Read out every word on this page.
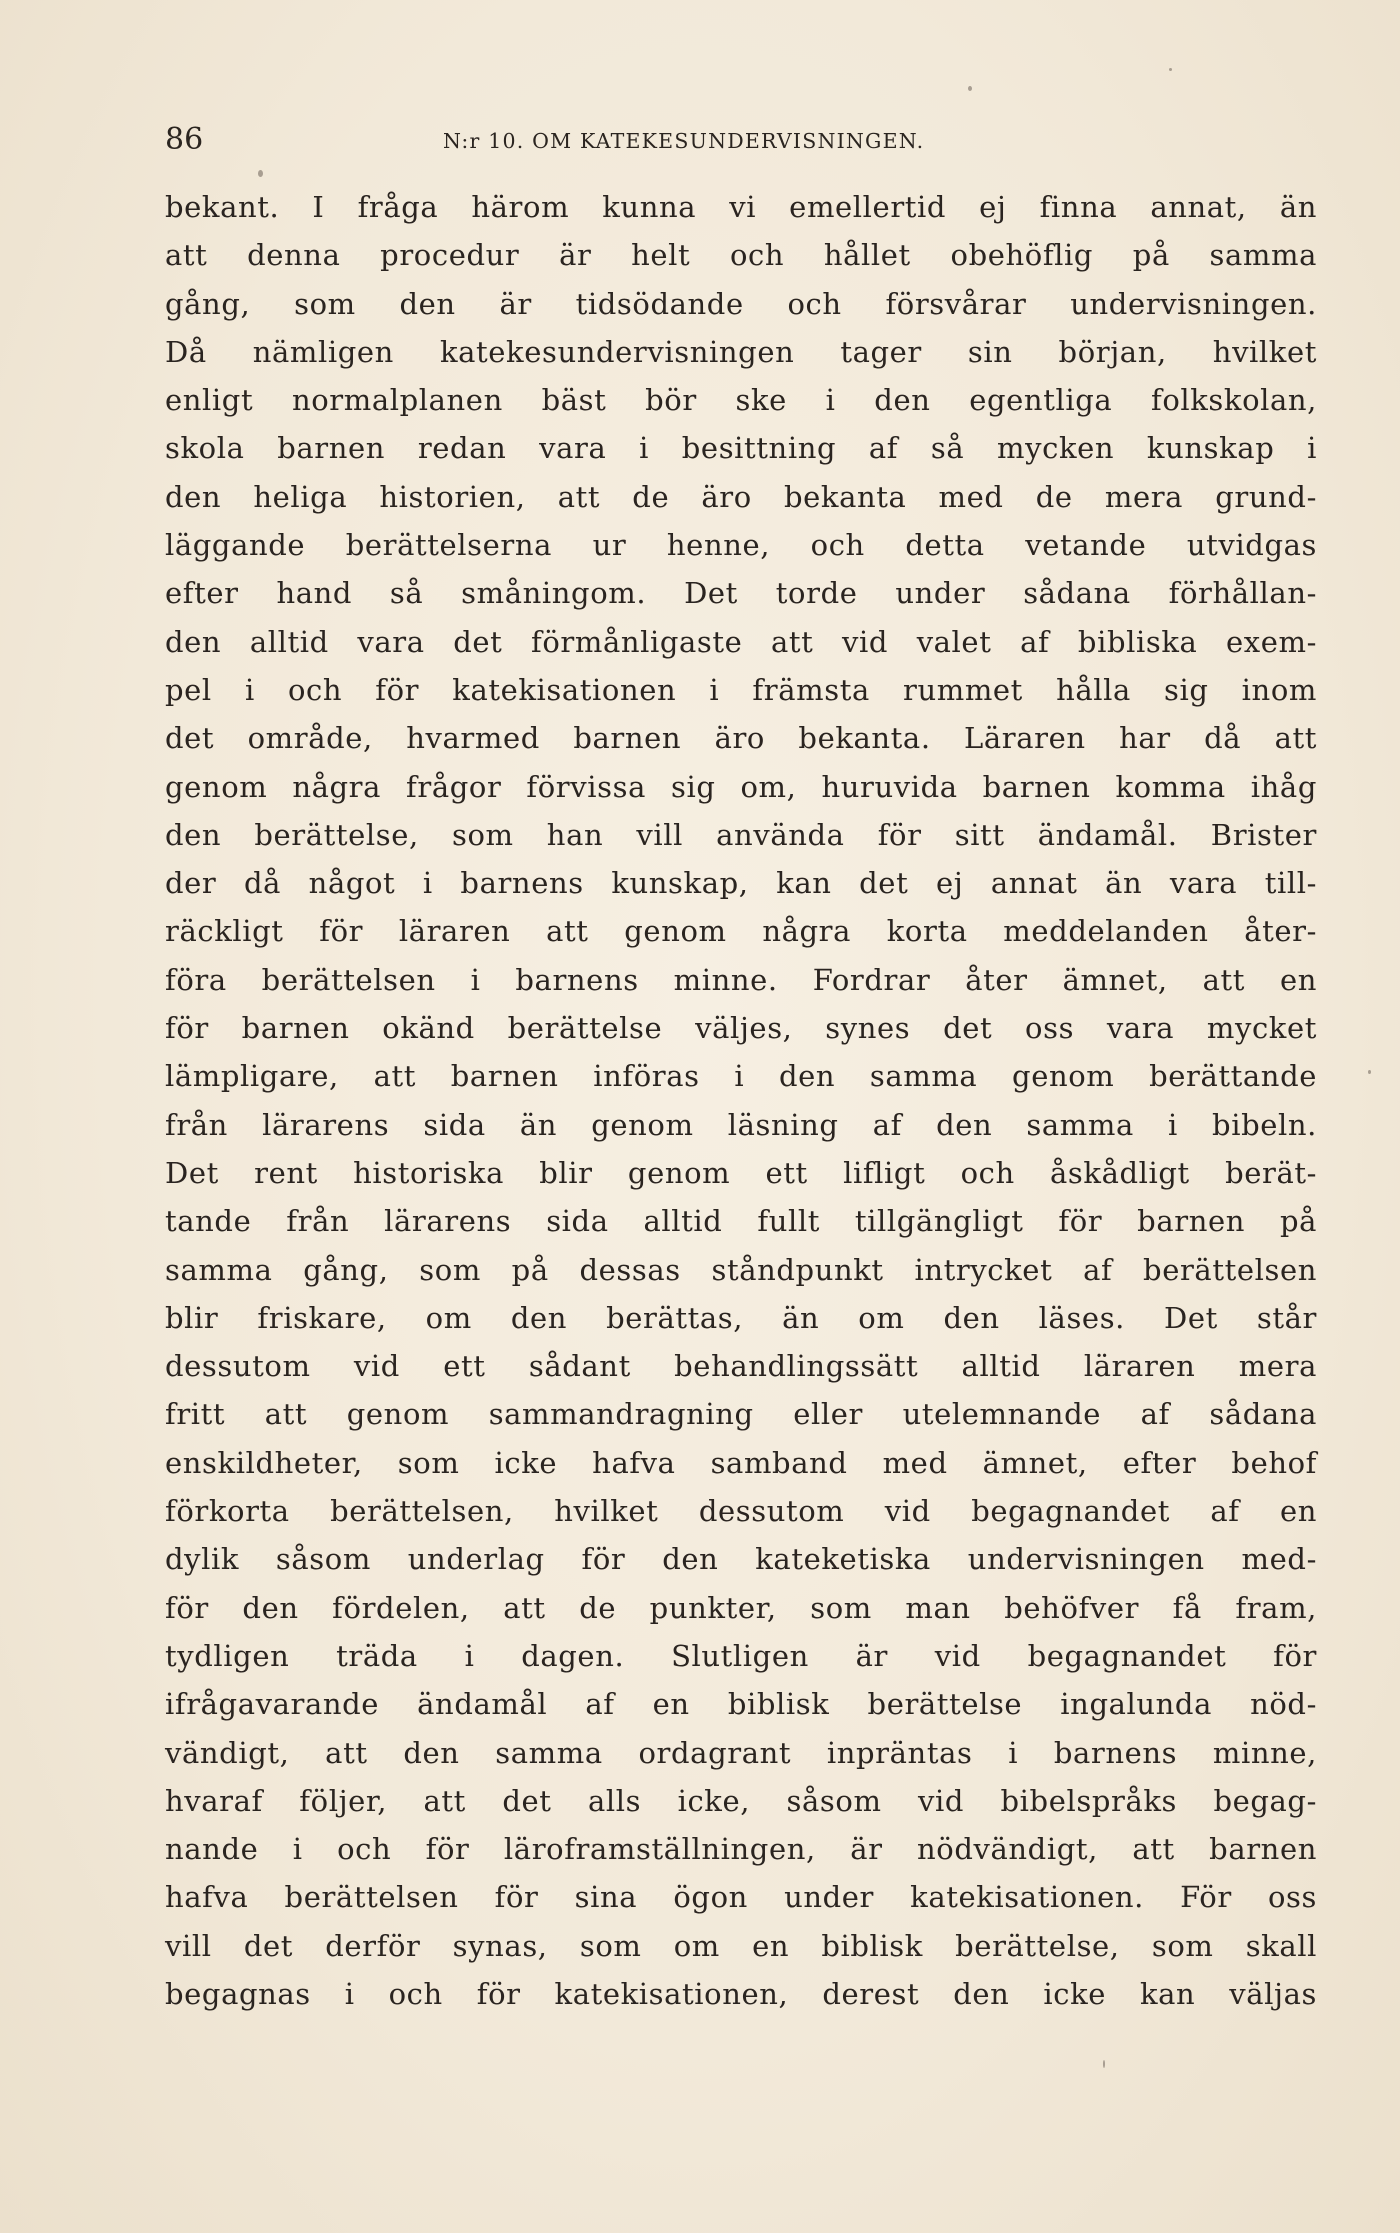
86	N:r 10. OM KATEKESUNDERVISNINGEN.
bekant. I fråga härom kunna vi emellertid ej finna annat, än
att denna procedur är helt och hållet obehöflig på samma
gång, som den är tidsödande och försvårar undervisningen.
Då nämligen katekesundervisningen tager sin början, hvilket
enligt normalplanen bäst bör ske i den egentliga folkskolan,
skola barnen redan vara i besittning af så mycken kunskap i
den heliga historien, att de äro bekanta med de mera grund-
läggande berättelserna ur henne, och detta vetande utvidgas
efter hand så småningom. Det torde under sådana förhållan-
den alltid vara det förmånligaste att vid valet af bibliska exem-
pel i och för katekisationen i främsta rummet hålla sig inom
det område, hvarmed barnen äro bekanta. Läraren har då att
genom några frågor förvissa sig om, huruvida barnen komma ihåg
den berättelse, som han vill använda för sitt ändamål. Brister
der då något i barnens kunskap, kan det ej annat än vara till-
räckligt för läraren att genom några korta meddelanden åter-
föra berättelsen i barnens minne. Fordrar åter ämnet, att en
för barnen okänd berättelse väljes, synes det oss vara mycket
lämpligare, att barnen införas i den samma genom berättande
från lärarens sida än genom läsning af den samma i bibeln.
Det rent historiska blir genom ett lifligt och åskådligt berät-
tande från lärarens sida alltid fullt tillgängligt för barnen på
samma gång, som på dessas ståndpunkt intrycket af berättelsen
blir friskare, om den berättas, än om den läses. Det står
dessutom vid ett sådant behandlingssätt alltid läraren mera
fritt att genom sammandragning eller utelemnande af sådana
enskildheter, som icke hafva samband med ämnet, efter behof
förkorta berättelsen, hvilket dessutom vid begagnandet af en
dylik såsom underlag för den kateketiska undervisningen med-
för den fördelen, att de punkter, som man behöfver få fram,
tydligen träda i dagen. Slutligen är vid begagnandet för
ifrågavarande ändamål af en biblisk berättelse ingalunda nöd-
vändigt, att den samma ordagrant inpräntas i barnens minne,
hvaraf följer, att det alls icke, såsom vid bibelspråks begag-
nande i och för läroframställningen, är nödvändigt, att barnen
hafva berättelsen för sina ögon under katekisationen. För oss
vill det derför synas, som om en biblisk berättelse, som skall
begagnas i och för katekisationen, derest den icke kan väljas
